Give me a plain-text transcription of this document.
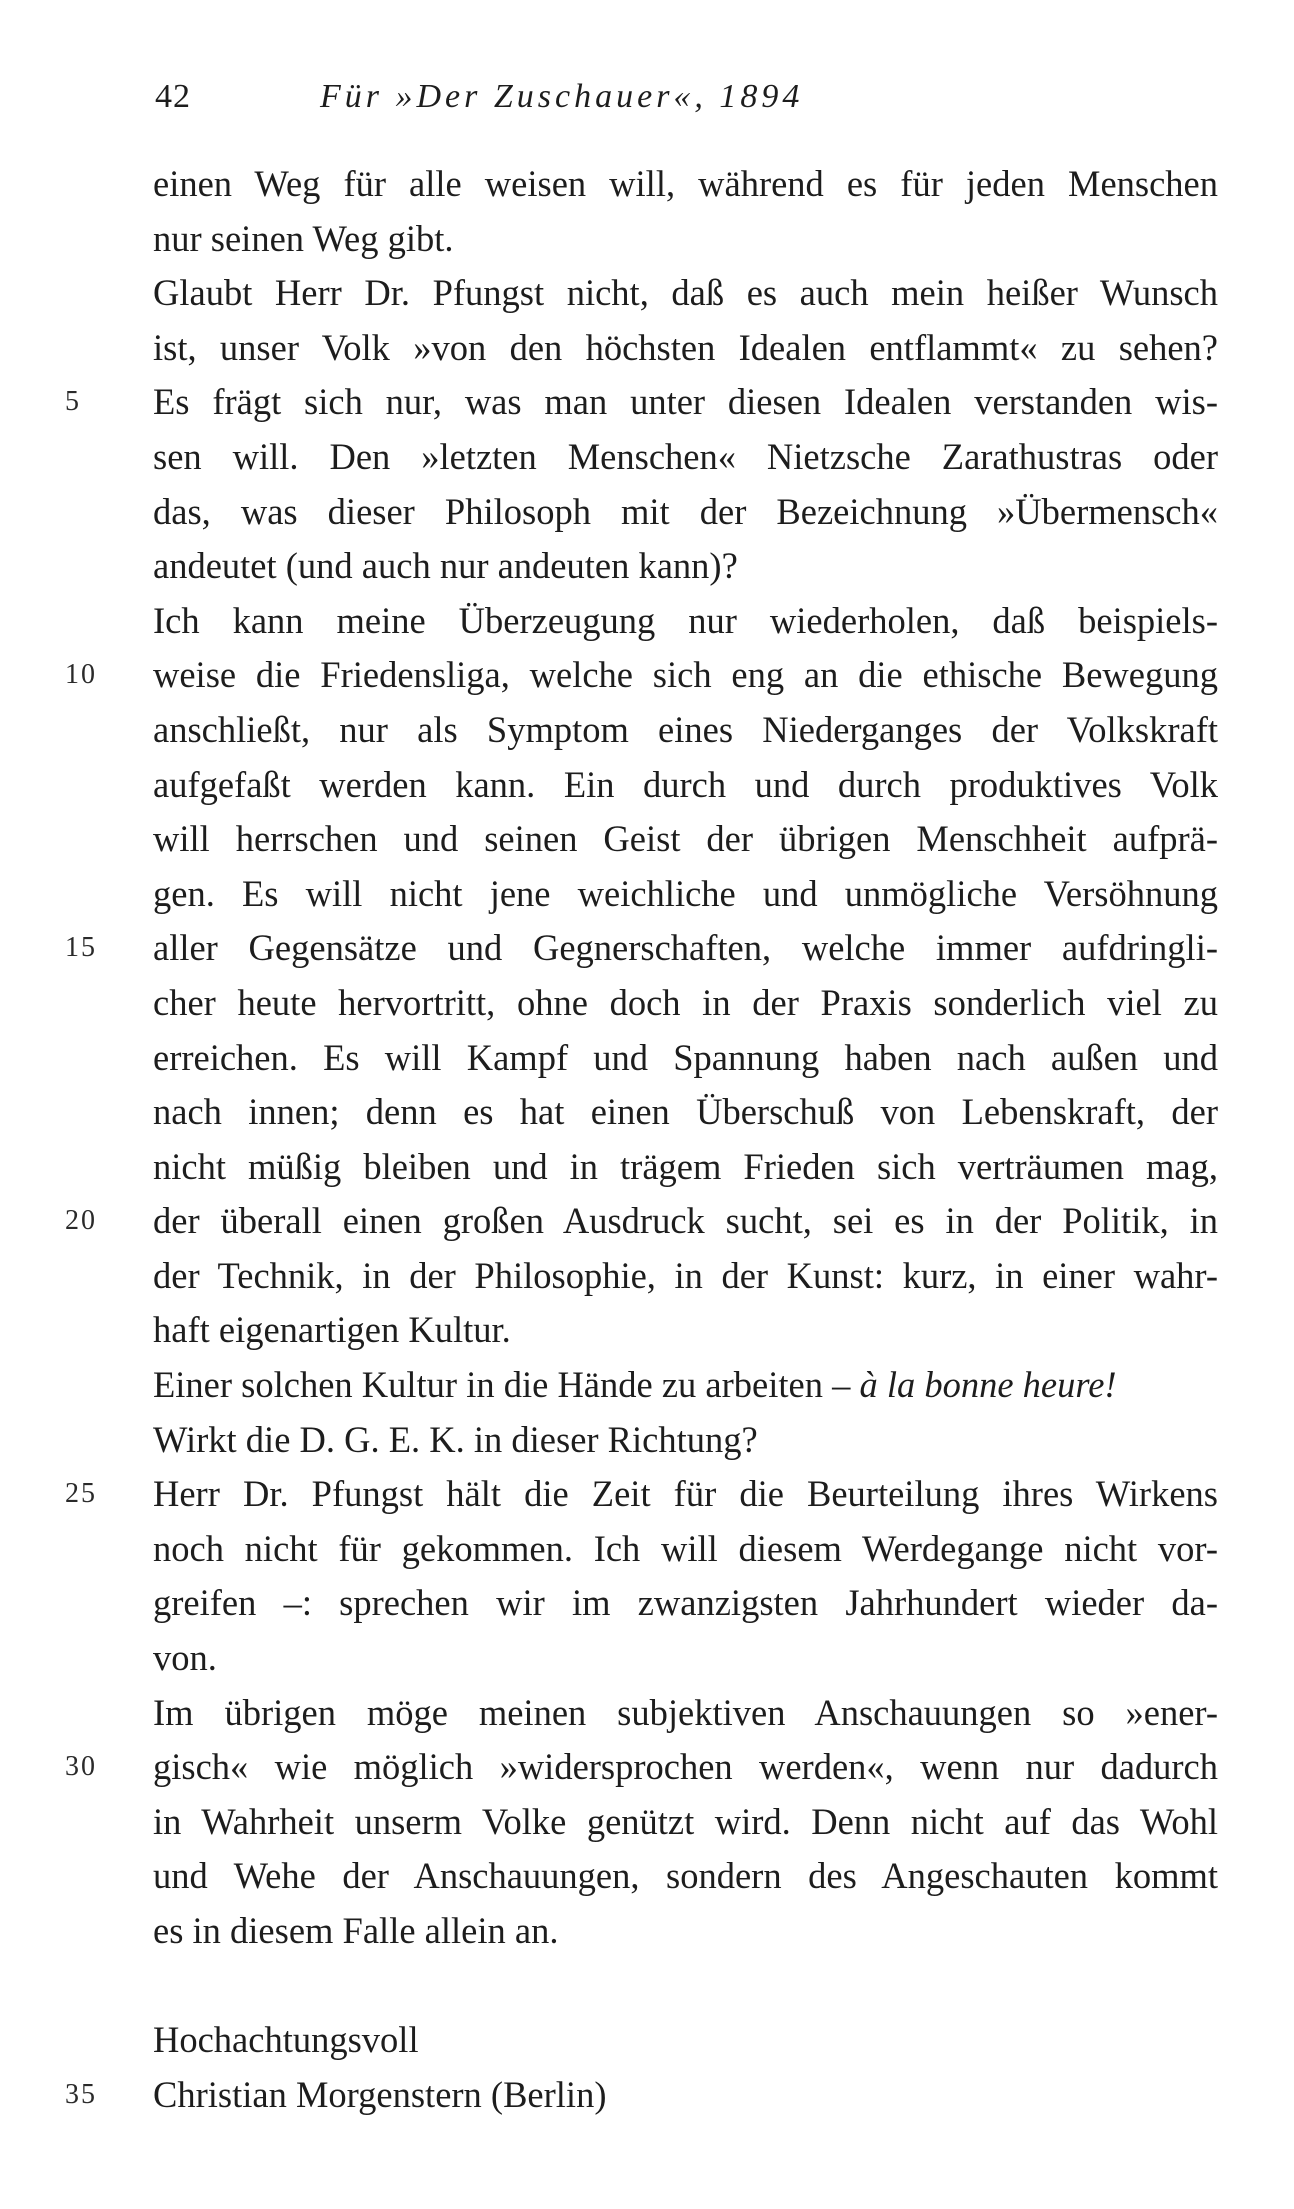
42	Für »Der Zuschauer«, 1894
einen Weg für alle weisen will, während es für jeden Menschen
nur seinen Weg gibt.
Glaubt Herr Dr. Pfungst nicht, daß es auch mein heißer Wunsch
ist, unser Volk »von den höchsten Idealen entflammt« zu sehen?
5	Es frägt sich nur, was man unter diesen Idealen verstanden wis-
sen will. Den »letzten Menschen« Nietzsche Zarathustras oder
das, was dieser Philosoph mit der Bezeichnung »Übermensch«
andeutet (und auch nur andeuten kann)?
Ich kann meine Überzeugung nur wiederholen, daß beispiels-
10	weise die Friedensliga, welche sich eng an die ethische Bewegung
anschließt, nur als Symptom eines Niederganges der Volkskraft
aufgefaßt werden kann. Ein durch und durch produktives Volk
will herrschen und seinen Geist der übrigen Menschheit aufprä-
gen. Es will nicht jene weichliche und unmögliche Versöhnung
15	aller Gegensätze und Gegnerschaften, welche immer aufdringli-
cher heute hervortritt, ohne doch in der Praxis sonderlich viel zu
erreichen. Es will Kampf und Spannung haben nach außen und
nach innen; denn es hat einen Überschuß von Lebenskraft, der
nicht müßig bleiben und in trägem Frieden sich verträumen mag,
20	der überall einen großen Ausdruck sucht, sei es in der Politik, in
der Technik, in der Philosophie, in der Kunst: kurz, in einer wahr-
haft eigenartigen Kultur.
Einer solchen Kultur in die Hände zu arbeiten – à la bonne heure!
Wirkt die D. G. E. K. in dieser Richtung?
25	Herr Dr. Pfungst hält die Zeit für die Beurteilung ihres Wirkens
noch nicht für gekommen. Ich will diesem Werdegange nicht vor-
greifen –: sprechen wir im zwanzigsten Jahrhundert wieder da-
von.
Im übrigen möge meinen subjektiven Anschauungen so »ener-
30	gisch« wie möglich »widersprochen werden«, wenn nur dadurch
in Wahrheit unserm Volke genützt wird. Denn nicht auf das Wohl
und Wehe der Anschauungen, sondern des Angeschauten kommt
es in diesem Falle allein an.
Hochachtungsvoll
35	Christian Morgenstern (Berlin)
